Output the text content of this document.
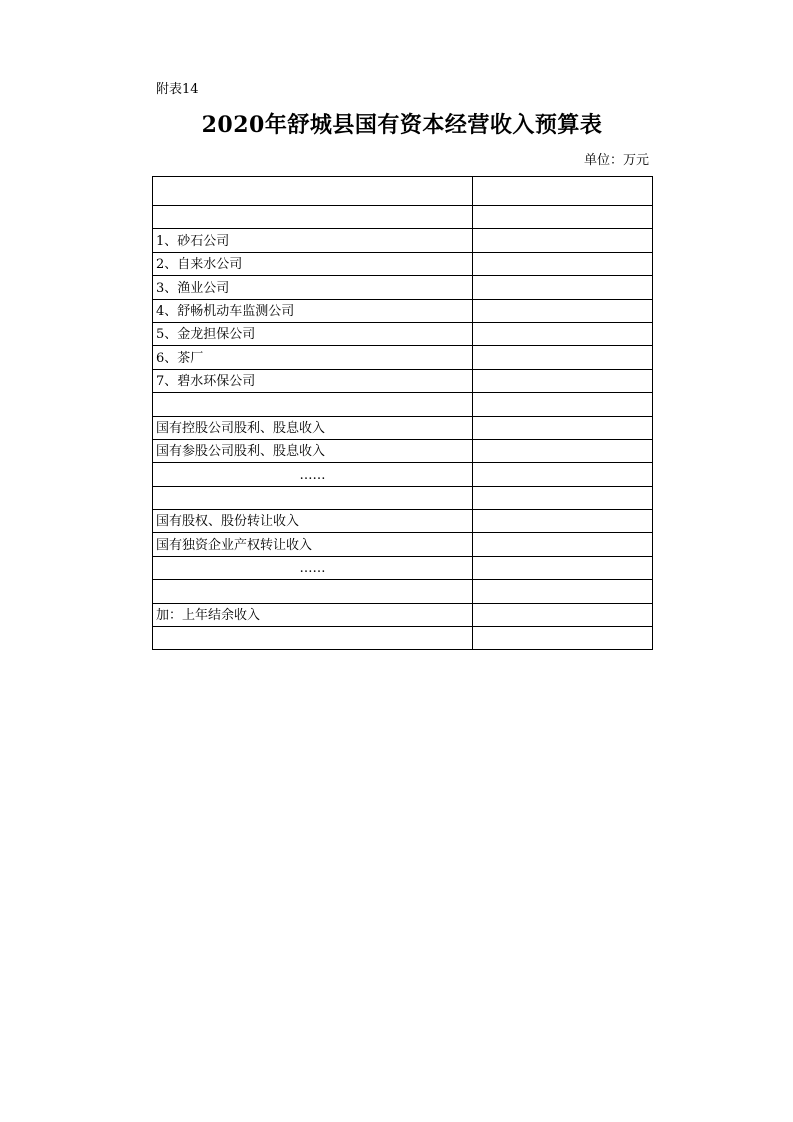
附表14
2020年舒城县国有资本经营收入预算表
单位：万元

1、砂石公司	
2、自来水公司	
3、渔业公司	
4、舒畅机动车监测公司	
5、金龙担保公司	
6、茶厂	
7、碧水环保公司	

国有控股公司股利、股息收入	
国有参股公司股利、股息收入	
……	

国有股权、股份转让收入	
国有独资企业产权转让收入	
……	

加：上年结余收入	
